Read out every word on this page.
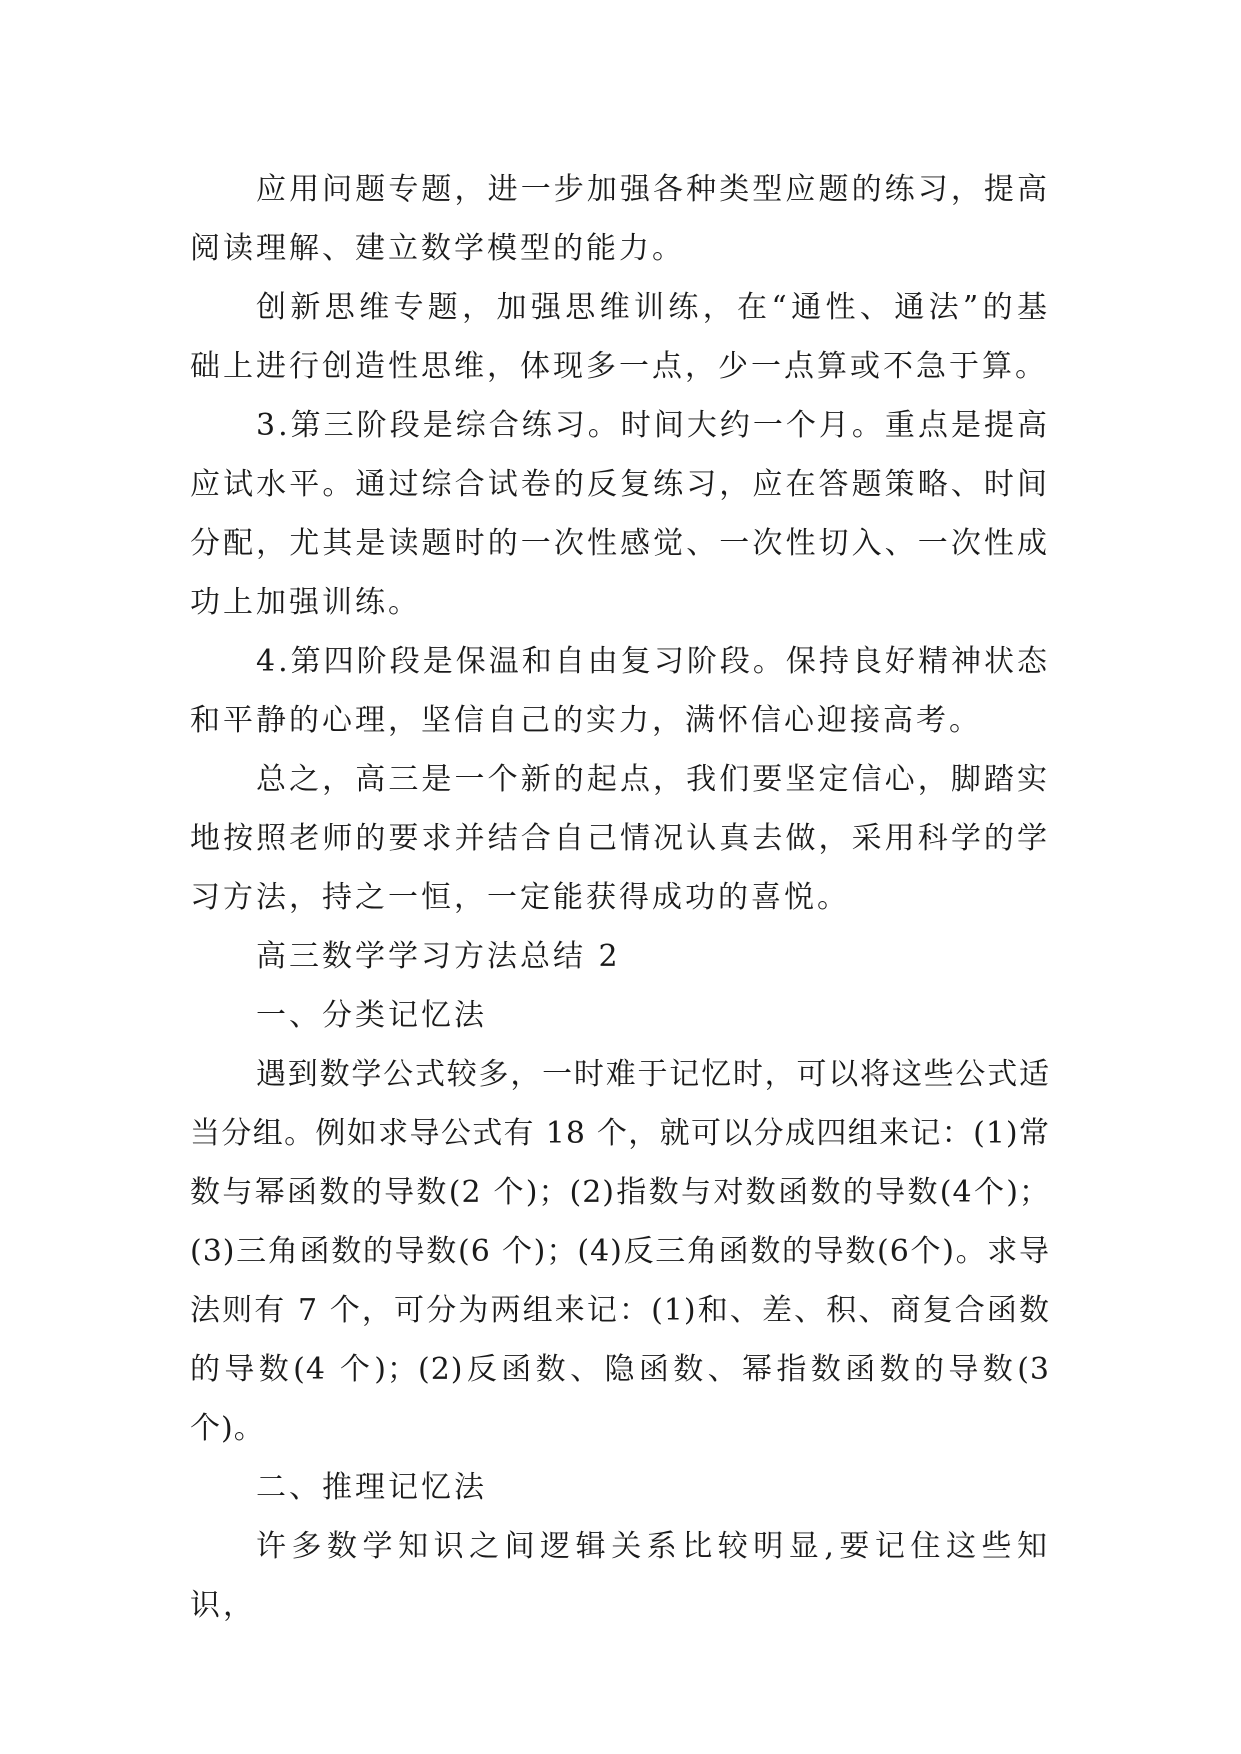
应用问题专题，进一步加强各种类型应题的练习，提高阅读理解、建立数学模型的能力。

创新思维专题，加强思维训练，在“通性、通法”的基础上进行创造性思维，体现多一点，少一点算或不急于算。

3.第三阶段是综合练习。时间大约一个月。重点是提高应试水平。通过综合试卷的反复练习，应在答题策略、时间分配，尤其是读题时的一次性感觉、一次性切入、一次性成功上加强训练。

4.第四阶段是保温和自由复习阶段。保持良好精神状态和平静的心理，坚信自己的实力，满怀信心迎接高考。

总之，高三是一个新的起点，我们要坚定信心，脚踏实地按照老师的要求并结合自己情况认真去做，采用科学的学习方法，持之一恒，一定能获得成功的喜悦。

高三数学学习方法总结 2

一、分类记忆法

遇到数学公式较多，一时难于记忆时，可以将这些公式适当分组。例如求导公式有 18 个，就可以分成四组来记：(1)常数与幂函数的导数(2 个)；(2)指数与对数函数的导数(4个)；(3)三角函数的导数(6 个)；(4)反三角函数的导数(6个)。求导法则有 7 个，可分为两组来记：(1)和、差、积、商复合函数的导数(4 个)；(2)反函数、隐函数、幂指数函数的导数(3 个)。

二、推理记忆法

许多数学知识之间逻辑关系比较明显,要记住这些知识，
